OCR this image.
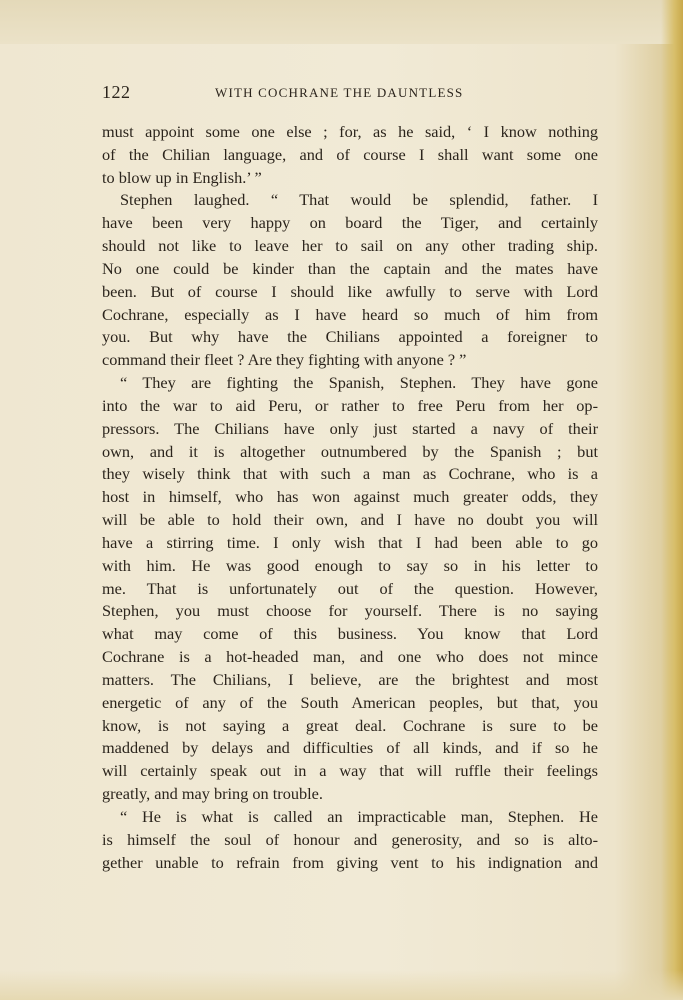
122	WITH COCHRANE THE DAUNTLESS
must appoint some one else ; for, as he said, ‘ I know nothing
of the Chilian language, and of course I shall want some one
to blow up in English.’ ”
Stephen laughed. “ That would be splendid, father. I
have been very happy on board the Tiger, and certainly
should not like to leave her to sail on any other trading ship.
No one could be kinder than the captain and the mates have
been. But of course I should like awfully to serve with Lord
Cochrane, especially as I have heard so much of him from
you. But why have the Chilians appointed a foreigner to
command their fleet ? Are they fighting with anyone ? ”
“ They are fighting the Spanish, Stephen. They have gone
into the war to aid Peru, or rather to free Peru from her op-
pressors. The Chilians have only just started a navy of their
own, and it is altogether outnumbered by the Spanish ; but
they wisely think that with such a man as Cochrane, who is a
host in himself, who has won against much greater odds, they
will be able to hold their own, and I have no doubt you will
have a stirring time. I only wish that I had been able to go
with him. He was good enough to say so in his letter to
me. That is unfortunately out of the question. However,
Stephen, you must choose for yourself. There is no saying
what may come of this business. You know that Lord
Cochrane is a hot-headed man, and one who does not mince
matters. The Chilians, I believe, are the brightest and most
energetic of any of the South American peoples, but that, you
know, is not saying a great deal. Cochrane is sure to be
maddened by delays and difficulties of all kinds, and if so he
will certainly speak out in a way that will ruffle their feelings
greatly, and may bring on trouble.
“ He is what is called an impracticable man, Stephen. He
is himself the soul of honour and generosity, and so is alto-
gether unable to refrain from giving vent to his indignation and
